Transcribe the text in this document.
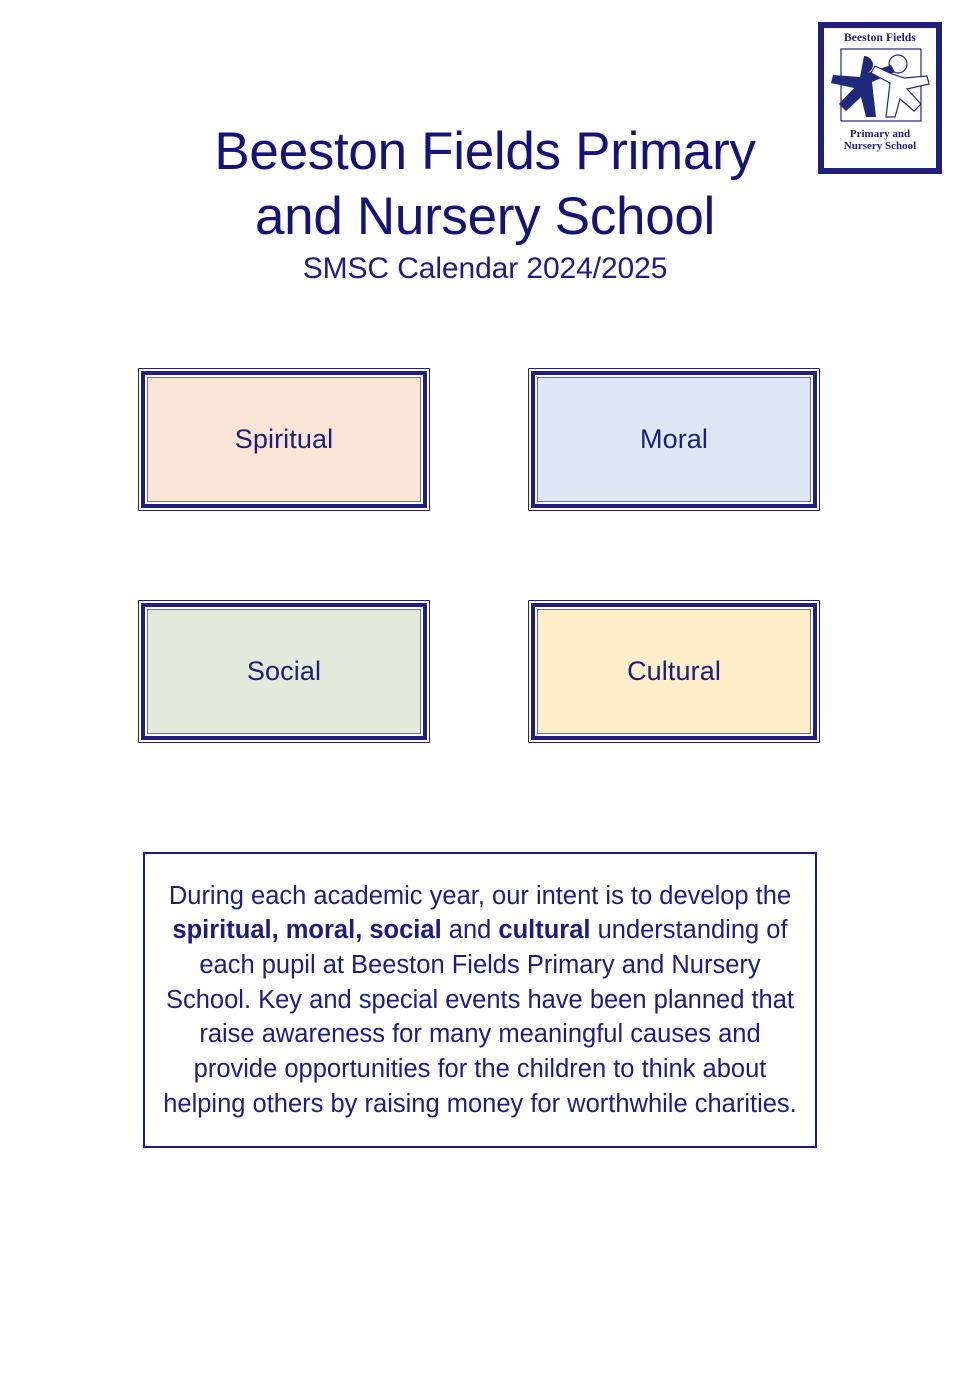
Beeston Fields
Primary and
Nursery School
Beeston Fields Primary
and Nursery School
SMSC Calendar 2024/2025
Spiritual	Moral
Social	Cultural

During each academic year, our intent is to develop the spiritual, moral, social and cultural understanding of each pupil at Beeston Fields Primary and Nursery School. Key and special events have been planned that raise awareness for many meaningful causes and provide opportunities for the children to think about helping others by raising money for worthwhile charities.
